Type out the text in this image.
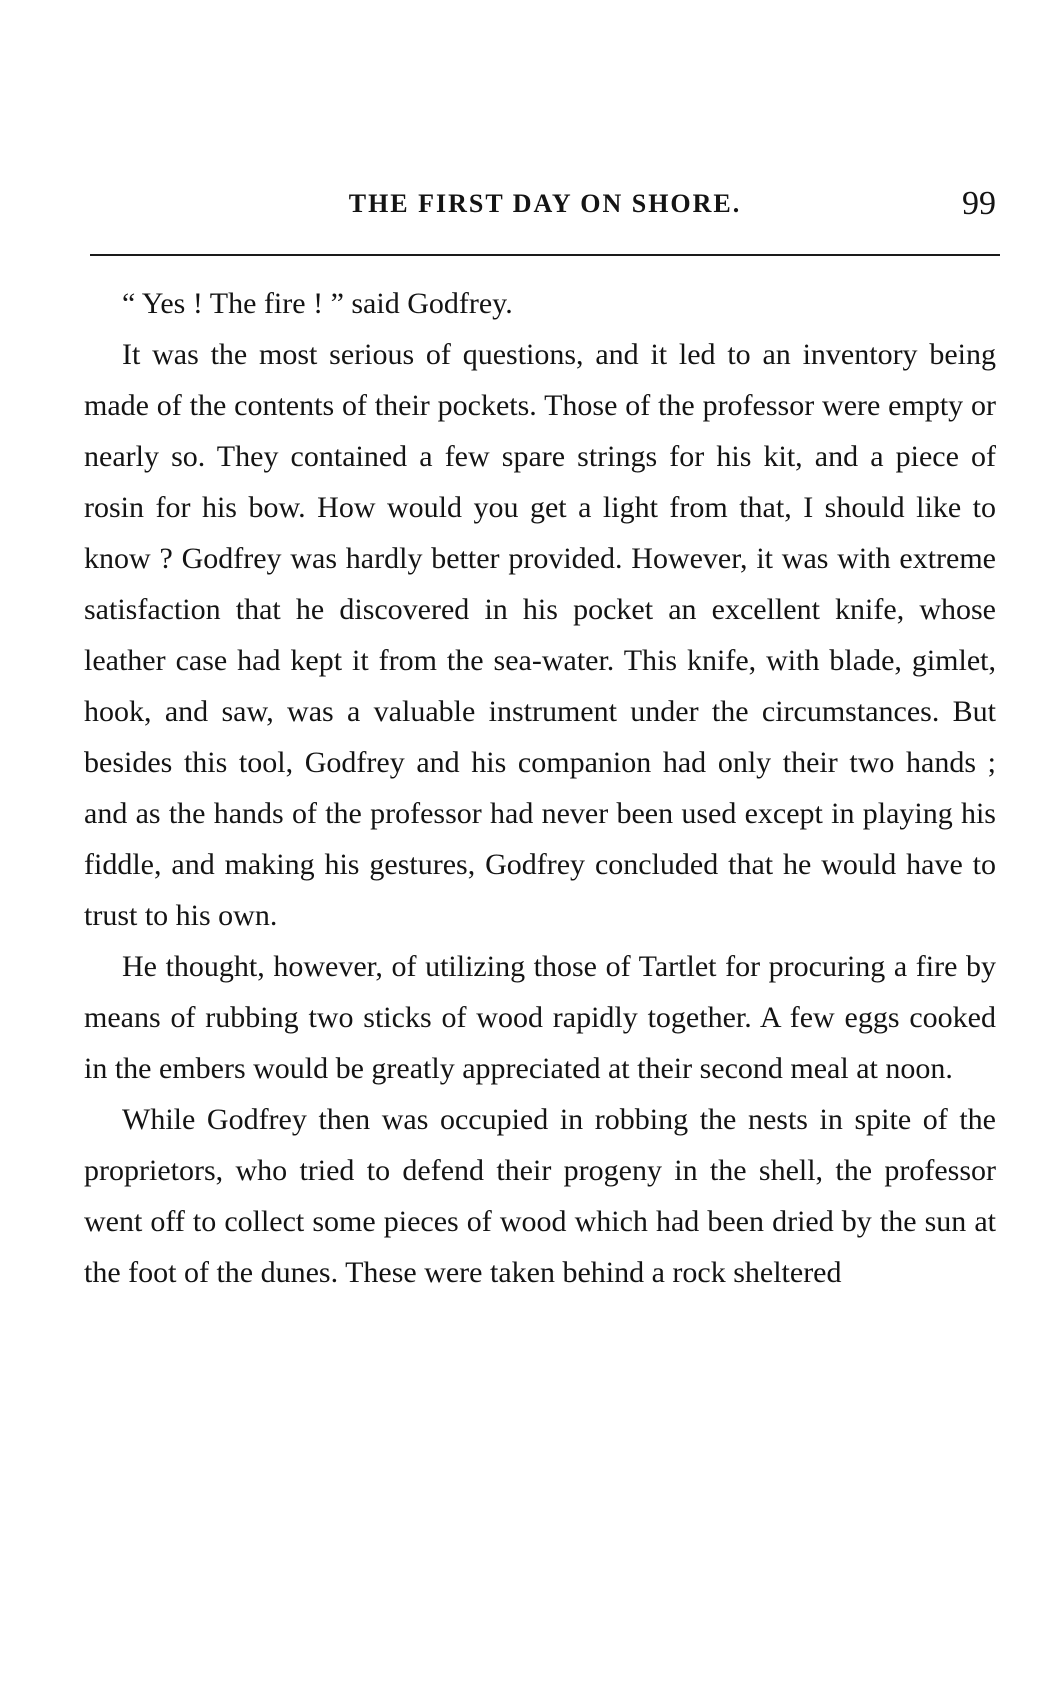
THE FIRST DAY ON SHORE.	99

“ Yes ! The fire ! ” said Godfrey.

It was the most serious of questions, and it led to an inventory being made of the contents of their pockets. Those of the professor were empty or nearly so. They contained a few spare strings for his kit, and a piece of rosin for his bow. How would you get a light from that, I should like to know ? Godfrey was hardly better provided. However, it was with extreme satisfaction that he discovered in his pocket an excellent knife, whose leather case had kept it from the sea-water. This knife, with blade, gimlet, hook, and saw, was a valuable instrument under the circumstances. But besides this tool, Godfrey and his companion had only their two hands ; and as the hands of the professor had never been used except in playing his fiddle, and making his gestures, Godfrey concluded that he would have to trust to his own.

He thought, however, of utilizing those of Tartlet for procuring a fire by means of rubbing two sticks of wood rapidly together. A few eggs cooked in the embers would be greatly appreciated at their second meal at noon.

While Godfrey then was occupied in robbing the nests in spite of the proprietors, who tried to defend their progeny in the shell, the professor went off to collect some pieces of wood which had been dried by the sun at the foot of the dunes. These were taken behind a rock sheltered
